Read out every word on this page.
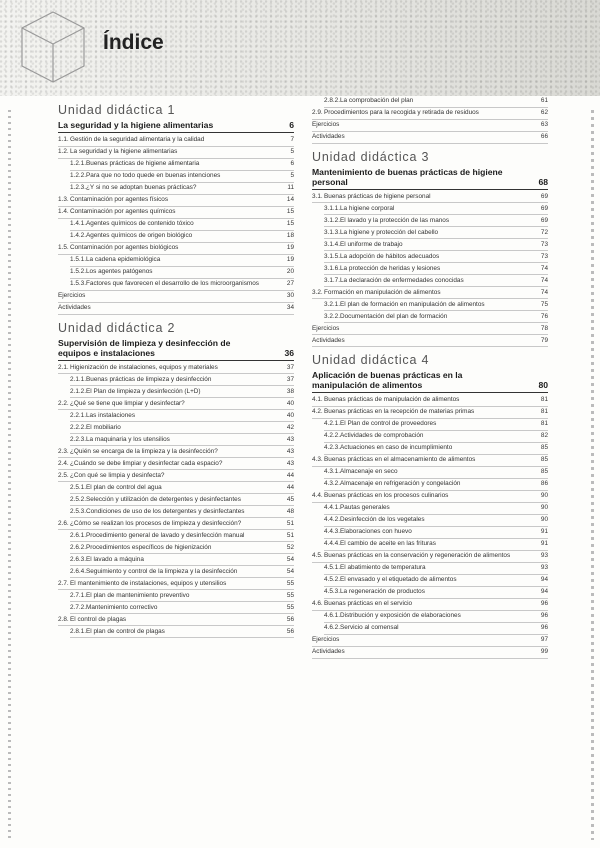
Índice
Unidad didáctica 1
La seguridad y la higiene alimentarias	6
1.1. Gestión de la seguridad alimentaria y la calidad	7
1.2. La seguridad y la higiene alimentarias	5
1.2.1. Buenas prácticas de higiene alimentaria	6
1.2.2. Para que no todo quede en buenas intenciones	5
1.2.3. ¿Y si no se adoptan buenas prácticas?	11
1.3. Contaminación por agentes físicos	14
1.4. Contaminación por agentes químicos	15
1.4.1. Agentes químicos de contenido tóxico	15
1.4.2. Agentes químicos de origen biológico	18
1.5. Contaminación por agentes biológicos	19
1.5.1. La cadena epidemiológica	19
1.5.2. Los agentes patógenos	20
1.5.3. Factores que favorecen el desarrollo de los microorganismos	27
Ejercicios	30
Actividades	34
Unidad didáctica 2
Supervisión de limpieza y desinfección de equipos e instalaciones	36
2.1. Higienización de instalaciones, equipos y materiales	37
2.1.1. Buenas prácticas de limpieza y desinfección	37
2.1.2. El Plan de limpieza y desinfección (L+D)	38
2.2. ¿Qué se tiene que limpiar y desinfectar?	40
2.2.1. Las instalaciones	40
2.2.2. El mobiliario	42
2.2.3. La maquinaria y los utensilios	43
2.3. ¿Quién se encarga de la limpieza y la desinfección?	43
2.4. ¿Cuándo se debe limpiar y desinfectar cada espacio?	43
2.5. ¿Con qué se limpia y desinfecta?	44
2.5.1. El plan de control del agua	44
2.5.2. Selección y utilización de detergentes y desinfectantes	45
2.5.3. Condiciones de uso de los detergentes y desinfectantes	48
2.6. ¿Cómo se realizan los procesos de limpieza y desinfección?	51
2.6.1. Procedimiento general de lavado y desinfección manual	51
2.6.2. Procedimientos específicos de higienización	52
2.6.3. El lavado a máquina	54
2.6.4. Seguimiento y control de la limpieza y la desinfección	54
2.7. El mantenimiento de instalaciones, equipos y utensilios	55
2.7.1. El plan de mantenimiento preventivo	55
2.7.2. Mantenimiento correctivo	55
2.8. El control de plagas	56
2.8.1. El plan de control de plagas	56
2.8.2. La comprobación del plan	61
2.9. Procedimientos para la recogida y retirada de residuos	62
Ejercicios	63
Actividades	66
Unidad didáctica 3
Mantenimiento de buenas prácticas de higiene personal	68
3.1. Buenas prácticas de higiene personal	69
3.1.1. La higiene corporal	69
3.1.2. El lavado y la protección de las manos	69
3.1.3. La higiene y protección del cabello	72
3.1.4. El uniforme de trabajo	73
3.1.5. La adopción de hábitos adecuados	73
3.1.6. La protección de heridas y lesiones	74
3.1.7. La declaración de enfermedades conocidas	74
3.2. Formación en manipulación de alimentos	74
3.2.1. El plan de formación en manipulación de alimentos	75
3.2.2. Documentación del plan de formación	76
Ejercicios	78
Actividades	79
Unidad didáctica 4
Aplicación de buenas prácticas en la manipulación de alimentos	80
4.1. Buenas prácticas de manipulación de alimentos	81
4.2. Buenas prácticas en la recepción de materias primas	81
4.2.1. El Plan de control de proveedores	81
4.2.2. Actividades de comprobación	82
4.2.3. Actuaciones en caso de incumplimiento	85
4.3. Buenas prácticas en el almacenamiento de alimentos	85
4.3.1. Almacenaje en seco	85
4.3.2. Almacenaje en refrigeración y congelación	86
4.4. Buenas prácticas en los procesos culinarios	90
4.4.1. Pautas generales	90
4.4.2. Desinfección de los vegetales	90
4.4.3. Elaboraciones con huevo	91
4.4.4. El cambio de aceite en las frituras	91
4.5. Buenas prácticas en la conservación y regeneración de alimentos	93
4.5.1. El abatimiento de temperatura	93
4.5.2. El envasado y el etiquetado de alimentos	94
4.5.3. La regeneración de productos	94
4.6. Buenas prácticas en el servicio	96
4.6.1. Distribución y exposición de elaboraciones	96
4.6.2. Servicio al comensal	96
Ejercicios	97
Actividades	99
